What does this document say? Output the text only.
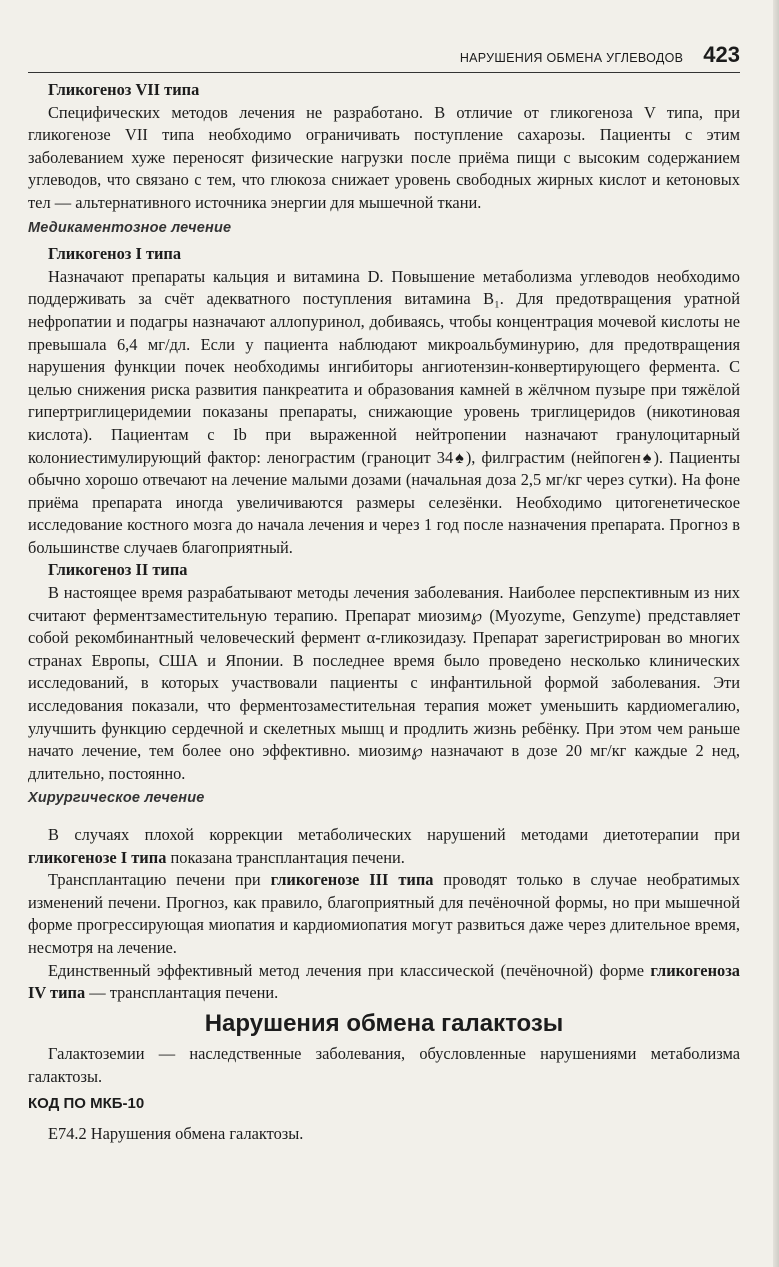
НАРУШЕНИЯ ОБМЕНА УГЛЕВОДОВ 423
Гликогеноз VII типа

Специфических методов лечения не разработано. В отличие от гликогеноза V типа, при гликогенозе VII типа необходимо ограничивать поступление сахарозы. Пациенты с этим заболеванием хуже переносят физические нагрузки после приёма пищи с высоким содержанием углеводов, что связано с тем, что глюкоза снижает уровень свободных жирных кислот и кетоновых тел — альтернативного источника энергии для мышечной ткани.

Медикаментозное лечение
Гликогеноз I типа

Назначают препараты кальция и витамина D. Повышение метаболизма углеводов необходимо поддерживать за счёт адекватного поступления витамина B₁. Для предотвращения уратной нефропатии и подагры назначают аллопуринол, добиваясь, чтобы концентрация мочевой кислоты не превышала 6,4 мг/дл. Если у пациента наблюдают микроальбуминурию, для предотвращения нарушения функции почек необходимы ингибиторы ангиотензин-конвертирующего фермента. С целью снижения риска развития панкреатита и образования камней в жёлчном пузыре при тяжёлой гипертриглицеридемии показаны препараты, снижающие уровень триглицеридов (никотиновая кислота). Пациентам с Ib при выраженной нейтропении назначают гранулоцитарный колониестимулирующий фактор: ленограстим (граноцит 34♠), филграстим (нейпоген♠). Пациенты обычно хорошо отвечают на лечение малыми дозами (начальная доза 2,5 мг/кг через сутки). На фоне приёма препарата иногда увеличиваются размеры селезёнки. Необходимо цитогенетическое исследование костного мозга до начала лечения и через 1 год после назначения препарата. Прогноз в большинстве случаев благоприятный.

Гликогеноз II типа

В настоящее время разрабатывают методы лечения заболевания. Наиболее перспективным из них считают ферментзаместительную терапию. Препарат миозим℘ (Myozyme, Genzyme) представляет собой рекомбинантный человеческий фермент α-гликозидазу. Препарат зарегистрирован во многих странах Европы, США и Японии. В последнее время было проведено несколько клинических исследований, в которых участвовали пациенты с инфантильной формой заболевания. Эти исследования показали, что ферментозаместительная терапия может уменьшить кардиомегалию, улучшить функцию сердечной и скелетных мышц и продлить жизнь ребёнку. При этом чем раньше начато лечение, тем более оно эффективно. миозим℘ назначают в дозе 20 мг/кг каждые 2 нед, длительно, постоянно.

Хирургическое лечение

В случаях плохой коррекции метаболических нарушений методами диетотерапии при гликогенозе I типа показана трансплантация печени.

Трансплантацию печени при гликогенозе III типа проводят только в случае необратимых изменений печени. Прогноз, как правило, благоприятный для печёночной формы, но при мышечной форме прогрессирующая миопатия и кардиомиопатия могут развиться даже через длительное время, несмотря на лечение.

Единственный эффективный метод лечения при классической (печёночной) форме гликогеноза IV типа — трансплантация печени.

Нарушения обмена галактозы

Галактоземии — наследственные заболевания, обусловленные нарушениями метаболизма галактозы.

КОД ПО МКБ-10

E74.2 Нарушения обмена галактозы.
